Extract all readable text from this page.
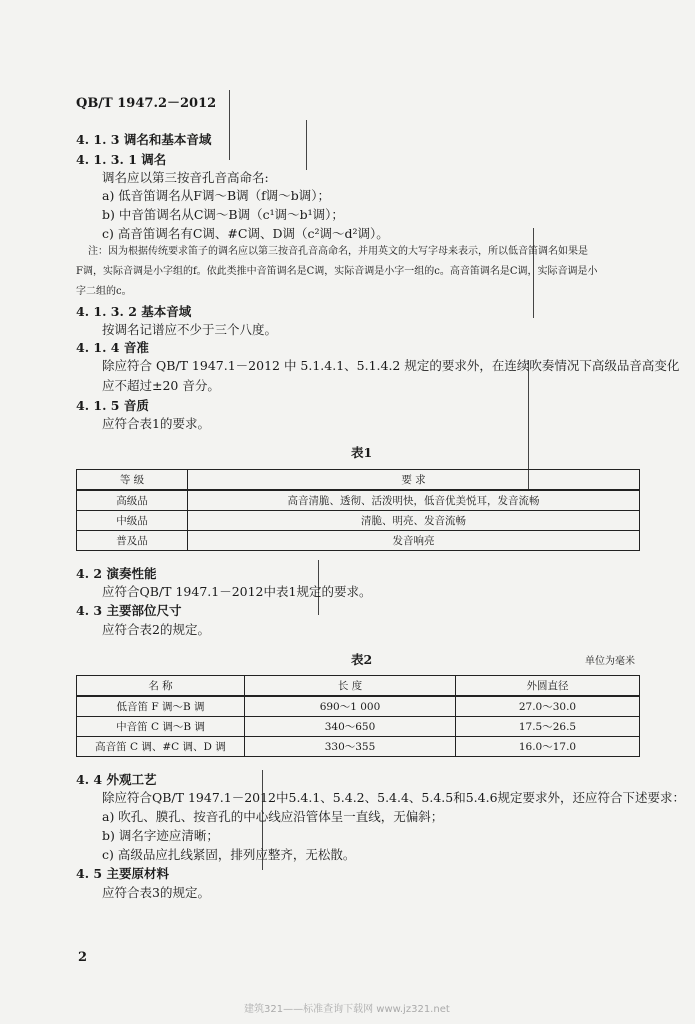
QB/T 1947.2－2012
4. 1. 3 调名和基本音域
4. 1. 3. 1 调名
调名应以第三按音孔音高命名:
a) 低音笛调名从F调～B调（f调～b调）；
b) 中音笛调名从C调～B调（c¹调～b¹调）；
c) 高音笛调名有C调、#C调、D调（c²调～d²调）。
注：因为根据传统要求笛子的调名应以第三按音孔音高命名，并用英文的大写字母来表示，所以低音笛调名如果是
F调，实际音调是小字组的f。依此类推中音笛调名是C调，实际音调是小字一组的c。高音笛调名是C调，实际音调是小
字二组的c。
4. 1. 3. 2 基本音域
按调名记谱应不少于三个八度。
4. 1. 4 音准
除应符合 QB/T 1947.1－2012 中 5.1.4.1、5.1.4.2 规定的要求外，在连续吹奏情况下高级品音高变化
应不超过±20 音分。
4. 1. 5 音质
应符合表1的要求。
表1
等 级	要 求
高级品	高音清脆、透彻、活泼明快，低音优美悦耳，发音流畅
中级品	清脆、明亮、发音流畅
普及品	发音响亮
4. 2 演奏性能
应符合QB/T 1947.1－2012中表1规定的要求。
4. 3 主要部位尺寸
应符合表2的规定。
表2	单位为毫米
名 称	长 度	外圆直径
低音笛 F 调～B 调	690～1 000	27.0～30.0
中音笛 C 调～B 调	340～650	17.5～26.5
高音笛 C 调、#C 调、D 调	330～355	16.0～17.0
4. 4 外观工艺
除应符合QB/T 1947.1－2012中5.4.1、5.4.2、5.4.4、5.4.5和5.4.6规定要求外，还应符合下述要求：
a) 吹孔、膜孔、按音孔的中心线应沿管体呈一直线，无偏斜；
b) 调名字迹应清晰；
c) 高级品应扎线紧固，排列应整齐，无松散。
4. 5 主要原材料
应符合表3的规定。
2
建筑321——标准查询下载网 www.jz321.net
